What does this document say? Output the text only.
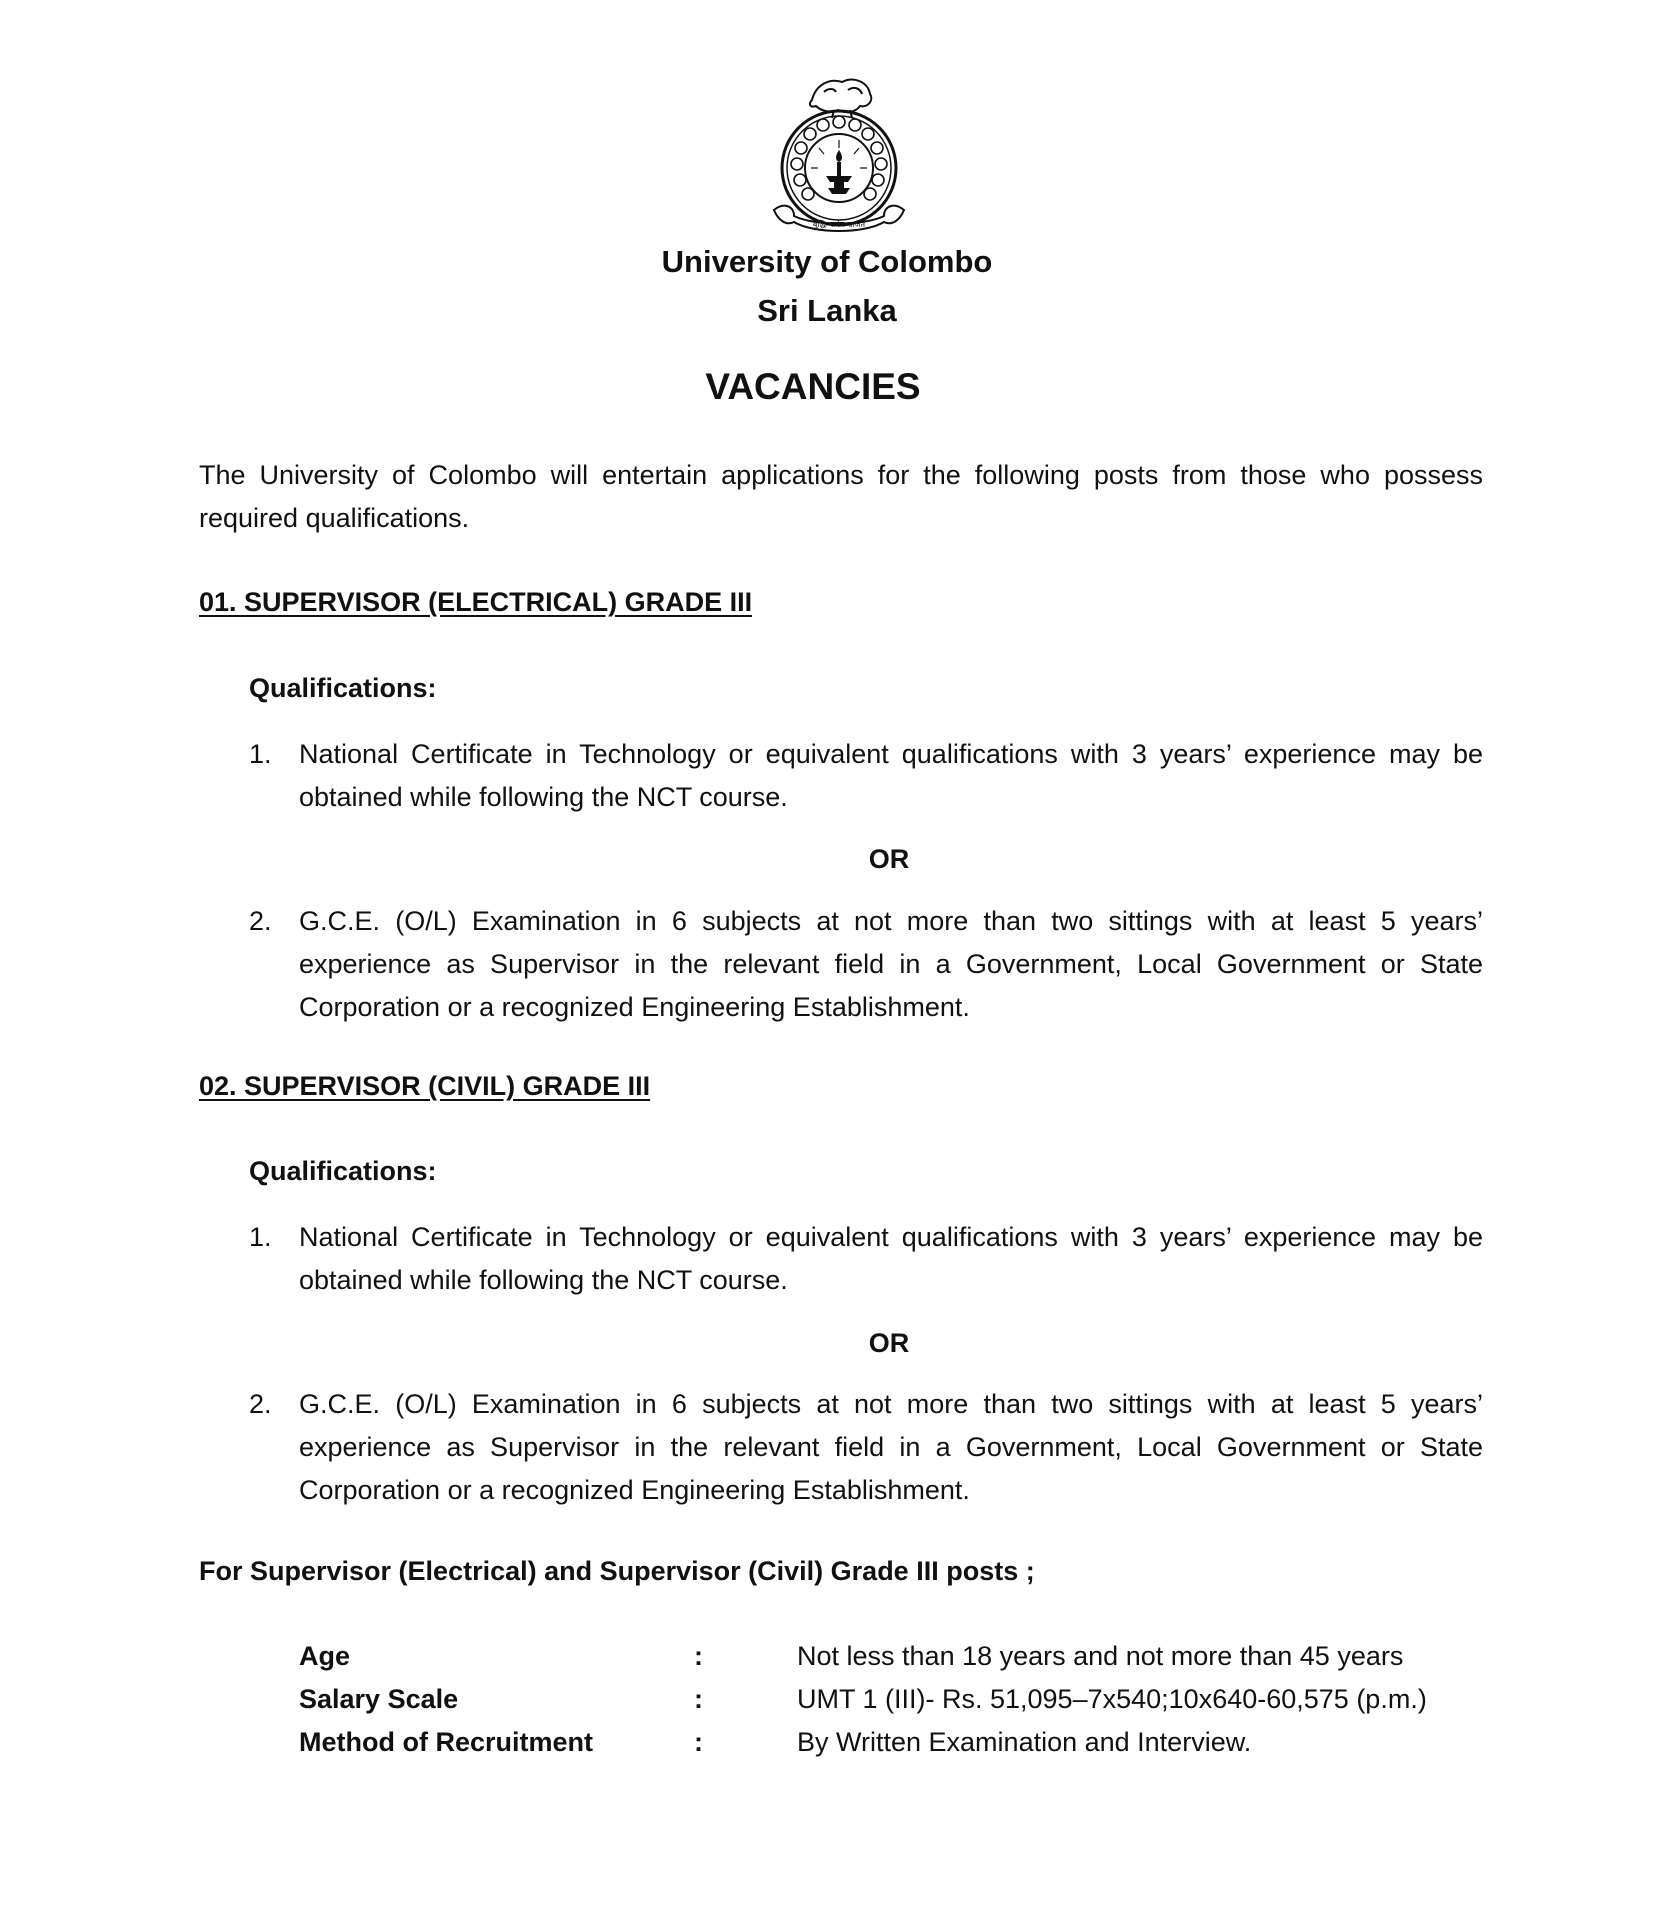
बुद्धिः सर्वत्र भ्राजते
University of Colombo
Sri Lanka
VACANCIES
The University of Colombo will entertain applications for the following posts from those who possess required qualifications.
01. SUPERVISOR (ELECTRICAL) GRADE III
Qualifications:
1.	National Certificate in Technology or equivalent qualifications with 3 years’ experience may be obtained while following the NCT course.
OR
2.	G.C.E. (O/L) Examination in 6 subjects at not more than two sittings with at least 5 years’ experience as Supervisor in the relevant field in a Government, Local Government or State Corporation or a recognized Engineering Establishment.
02. SUPERVISOR (CIVIL) GRADE III
Qualifications:
1.	National Certificate in Technology or equivalent qualifications with 3 years’ experience may be obtained while following the NCT course.
OR
2.	G.C.E. (O/L) Examination in 6 subjects at not more than two sittings with at least 5 years’ experience as Supervisor in the relevant field in a Government, Local Government or State Corporation or a recognized Engineering Establishment.
For Supervisor (Electrical) and Supervisor (Civil) Grade III posts ;
Age	:	Not less than 18 years and not more than 45 years
Salary Scale	:	UMT 1 (III)- Rs. 51,095–7x540;10x640-60,575 (p.m.)
Method of Recruitment	:	By Written Examination and Interview.
